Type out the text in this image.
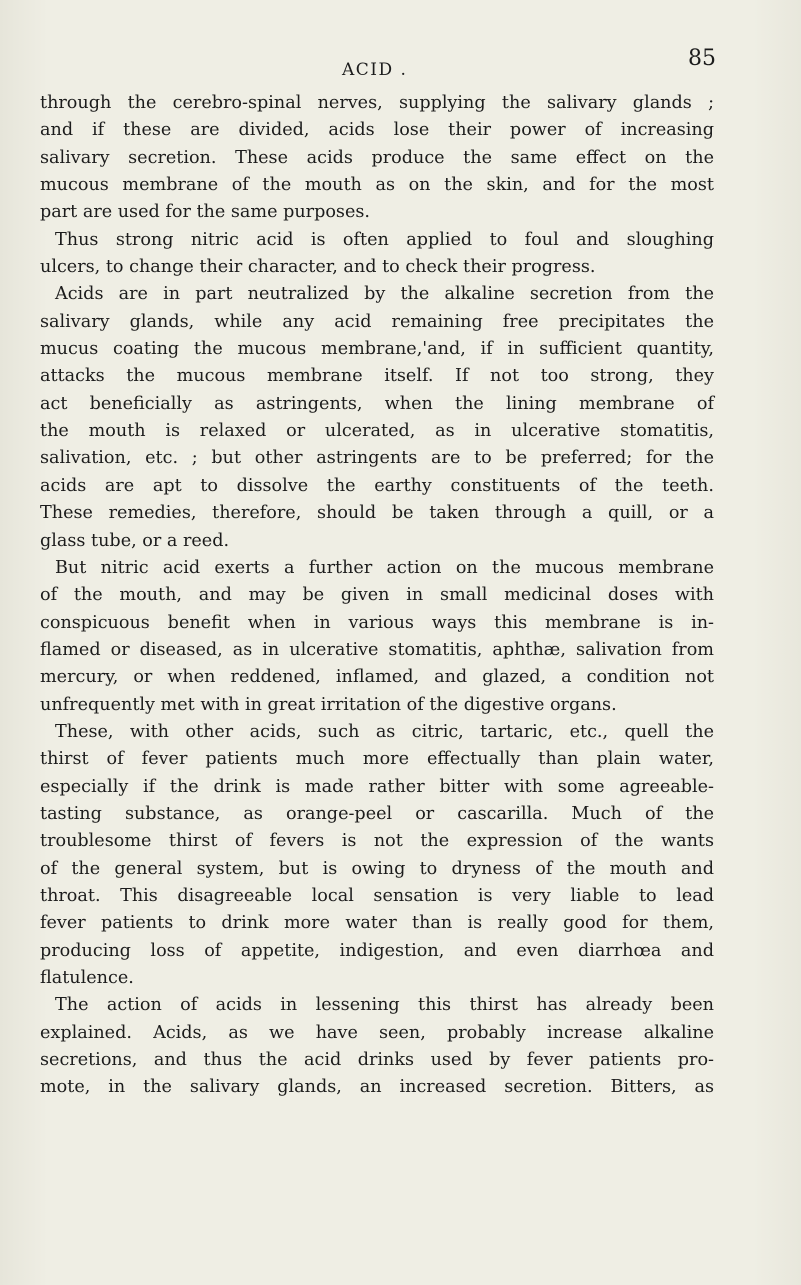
ACID .	85
through the cerebro-spinal nerves, supplying the salivary glands ;
and if these are divided, acids lose their power of increasing
salivary secretion. These acids produce the same effect on the
mucous membrane of the mouth as on the skin, and for the most
part are used for the same purposes.
Thus strong nitric acid is often applied to foul and sloughing
ulcers, to change their character, and to check their progress.
Acids are in part neutralized by the alkaline secretion from the
salivary glands, while any acid remaining free precipitates the
mucus coating the mucous membrane,'and, if in sufficient quantity,
attacks the mucous membrane itself. If not too strong, they
act beneficially as astringents, when the lining membrane of
the mouth is relaxed or ulcerated, as in ulcerative stomatitis,
salivation, etc. ; but other astringents are to be preferred; for the
acids are apt to dissolve the earthy constituents of the teeth.
These remedies, therefore, should be taken through a quill, or a
glass tube, or a reed.
But nitric acid exerts a further action on the mucous membrane
of the mouth, and may be given in small medicinal doses with
conspicuous benefit when in various ways this membrane is in-
flamed or diseased, as in ulcerative stomatitis, aphthæ, salivation from
mercury, or when reddened, inflamed, and glazed, a condition not
unfrequently met with in great irritation of the digestive organs.
These, with other acids, such as citric, tartaric, etc., quell the
thirst of fever patients much more effectually than plain water,
especially if the drink is made rather bitter with some agreeable-
tasting substance, as orange-peel or cascarilla. Much of the
troublesome thirst of fevers is not the expression of the wants
of the general system, but is owing to dryness of the mouth and
throat. This disagreeable local sensation is very liable to lead
fever patients to drink more water than is really good for them,
producing loss of appetite, indigestion, and even diarrhœa and
flatulence.
The action of acids in lessening this thirst has already been
explained. Acids, as we have seen, probably increase alkaline
secretions, and thus the acid drinks used by fever patients pro-
mote, in the salivary glands, an increased secretion. Bitters, as
